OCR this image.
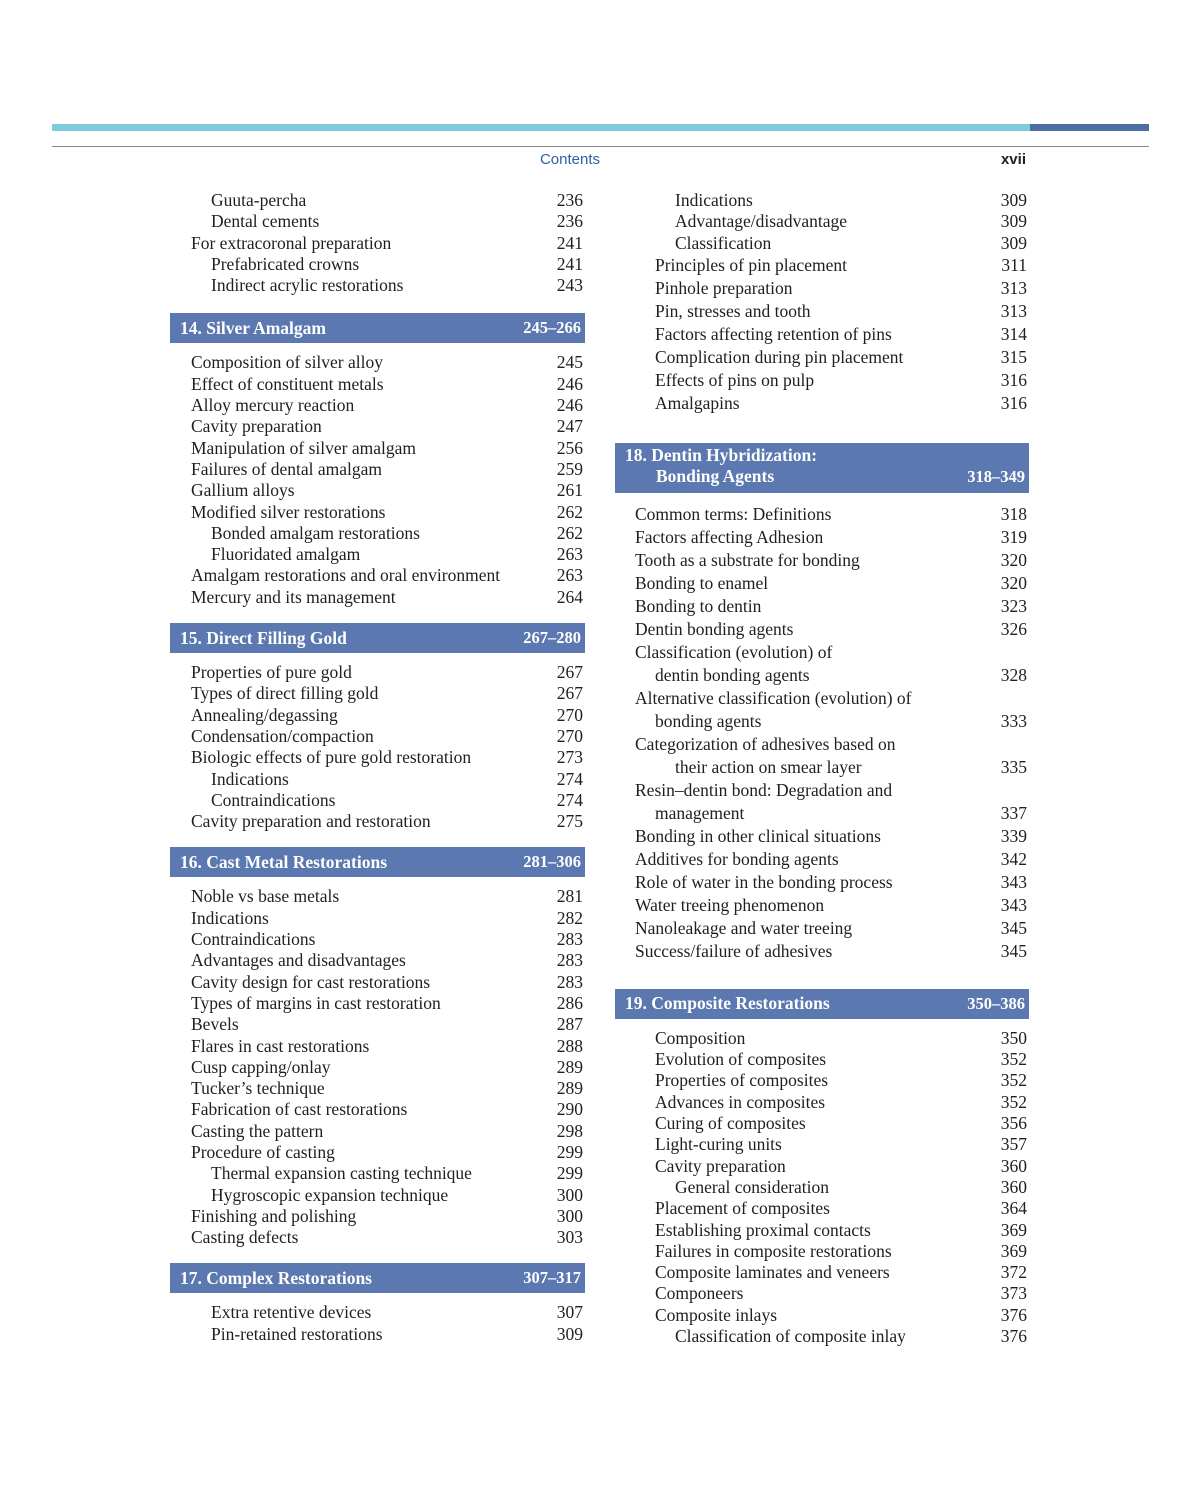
Contents	xvii
Guuta-percha	236
Dental cements	236
For extracoronal preparation	241
Prefabricated crowns	241
Indirect acrylic restorations	243
14. Silver Amalgam	245–266
Composition of silver alloy	245
Effect of constituent metals	246
Alloy mercury reaction	246
Cavity preparation	247
Manipulation of silver amalgam	256
Failures of dental amalgam	259
Gallium alloys	261
Modified silver restorations	262
Bonded amalgam restorations	262
Fluoridated amalgam	263
Amalgam restorations and oral environment	263
Mercury and its management	264
15. Direct Filling Gold	267–280
Properties of pure gold	267
Types of direct filling gold	267
Annealing/degassing	270
Condensation/compaction	270
Biologic effects of pure gold restoration	273
Indications	274
Contraindications	274
Cavity preparation and restoration	275
16. Cast Metal Restorations	281–306
Noble vs base metals	281
Indications	282
Contraindications	283
Advantages and disadvantages	283
Cavity design for cast restorations	283
Types of margins in cast restoration	286
Bevels	287
Flares in cast restorations	288
Cusp capping/onlay	289
Tucker’s technique	289
Fabrication of cast restorations	290
Casting the pattern	298
Procedure of casting	299
Thermal expansion casting technique	299
Hygroscopic expansion technique	300
Finishing and polishing	300
Casting defects	303
17. Complex Restorations	307–317
Extra retentive devices	307
Pin-retained restorations	309
Indications	309
Advantage/disadvantage	309
Classification	309
Principles of pin placement	311
Pinhole preparation	313
Pin, stresses and tooth	313
Factors affecting retention of pins	314
Complication during pin placement	315
Effects of pins on pulp	316
Amalgapins	316
18. Dentin Hybridization:
Bonding Agents	318–349
Common terms: Definitions	318
Factors affecting Adhesion	319
Tooth as a substrate for bonding	320
Bonding to enamel	320
Bonding to dentin	323
Dentin bonding agents	326
Classification (evolution) of
dentin bonding agents	328
Alternative classification (evolution) of
bonding agents	333
Categorization of adhesives based on
their action on smear layer	335
Resin–dentin bond: Degradation and
management	337
Bonding in other clinical situations	339
Additives for bonding agents	342
Role of water in the bonding process	343
Water treeing phenomenon	343
Nanoleakage and water treeing	345
Success/failure of adhesives	345
19. Composite Restorations	350–386
Composition	350
Evolution of composites	352
Properties of composites	352
Advances in composites	352
Curing of composites	356
Light-curing units	357
Cavity preparation	360
General consideration	360
Placement of composites	364
Establishing proximal contacts	369
Failures in composite restorations	369
Composite laminates and veneers	372
Componeers	373
Composite inlays	376
Classification of composite inlay	376
